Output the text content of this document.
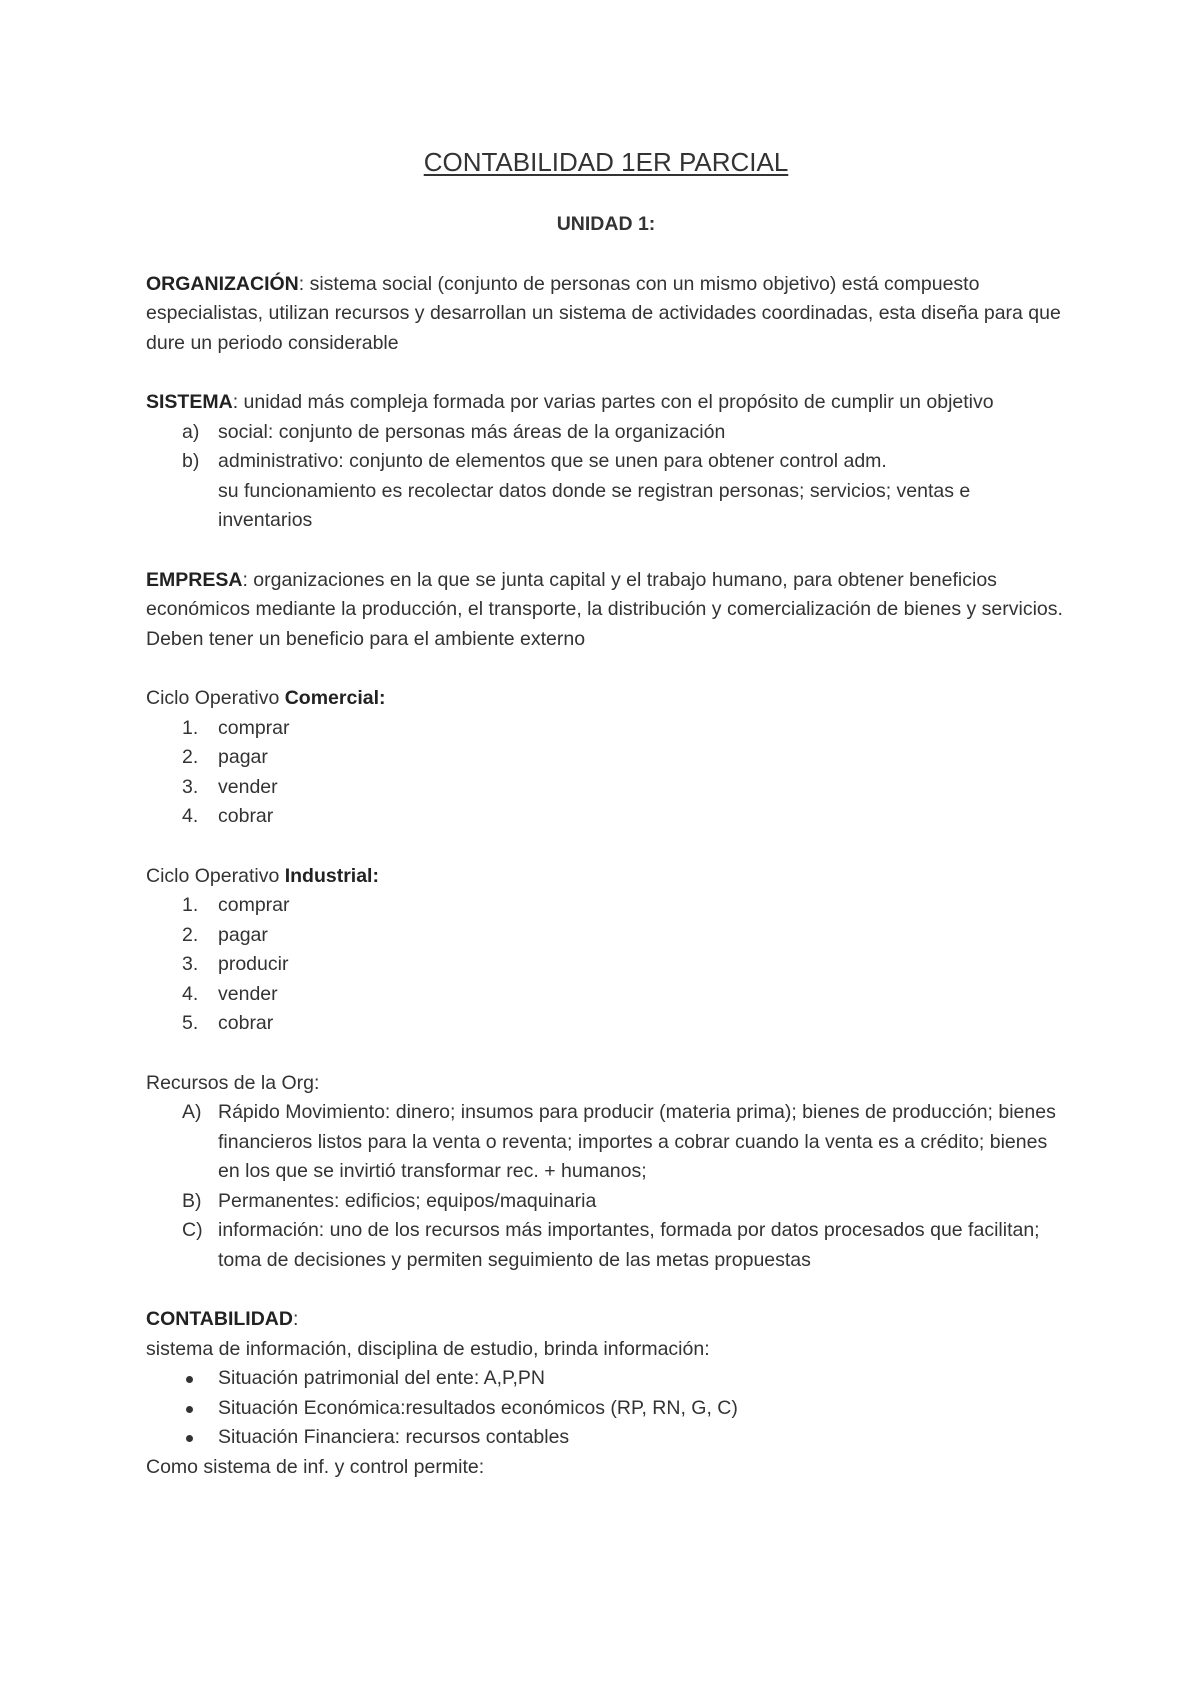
CONTABILIDAD 1ER PARCIAL

UNIDAD 1:

ORGANIZACIÓN: sistema social (conjunto de personas con un mismo objetivo) está compuesto especialistas, utilizan recursos y desarrollan un sistema de actividades coordinadas, esta diseña para que dure un periodo considerable

SISTEMA: unidad más compleja formada por varias partes con el propósito de cumplir un objetivo

a) social: conjunto de personas más áreas de la organización
b) administrativo: conjunto de elementos que se unen para obtener control adm.
su funcionamiento es recolectar datos donde se registran personas; servicios; ventas e inventarios

EMPRESA: organizaciones en la que se junta capital y el trabajo humano, para obtener beneficios económicos mediante la producción, el transporte, la distribución y comercialización de bienes y servicios. Deben tener un beneficio para el ambiente externo

Ciclo Operativo Comercial:

1. comprar
2. pagar
3. vender
4. cobrar

Ciclo Operativo Industrial:

1. comprar
2. pagar
3. producir
4. vender
5. cobrar

Recursos de la Org:

A) Rápido Movimiento: dinero; insumos para producir (materia prima); bienes de producción; bienes financieros listos para la venta o reventa; importes a cobrar cuando la venta es a crédito; bienes en los que se invirtió transformar rec. + humanos;
B) Permanentes: edificios; equipos/maquinaria
C) información: uno de los recursos más importantes, formada por datos procesados que facilitan; toma de decisiones y permiten seguimiento de las metas propuestas

CONTABILIDAD:

sistema de información, disciplina de estudio, brinda información:

Situación patrimonial del ente: A,P,PN
Situación Económica:resultados económicos (RP, RN, G, C)
Situación Financiera: recursos contables

Como sistema de inf. y control permite:
